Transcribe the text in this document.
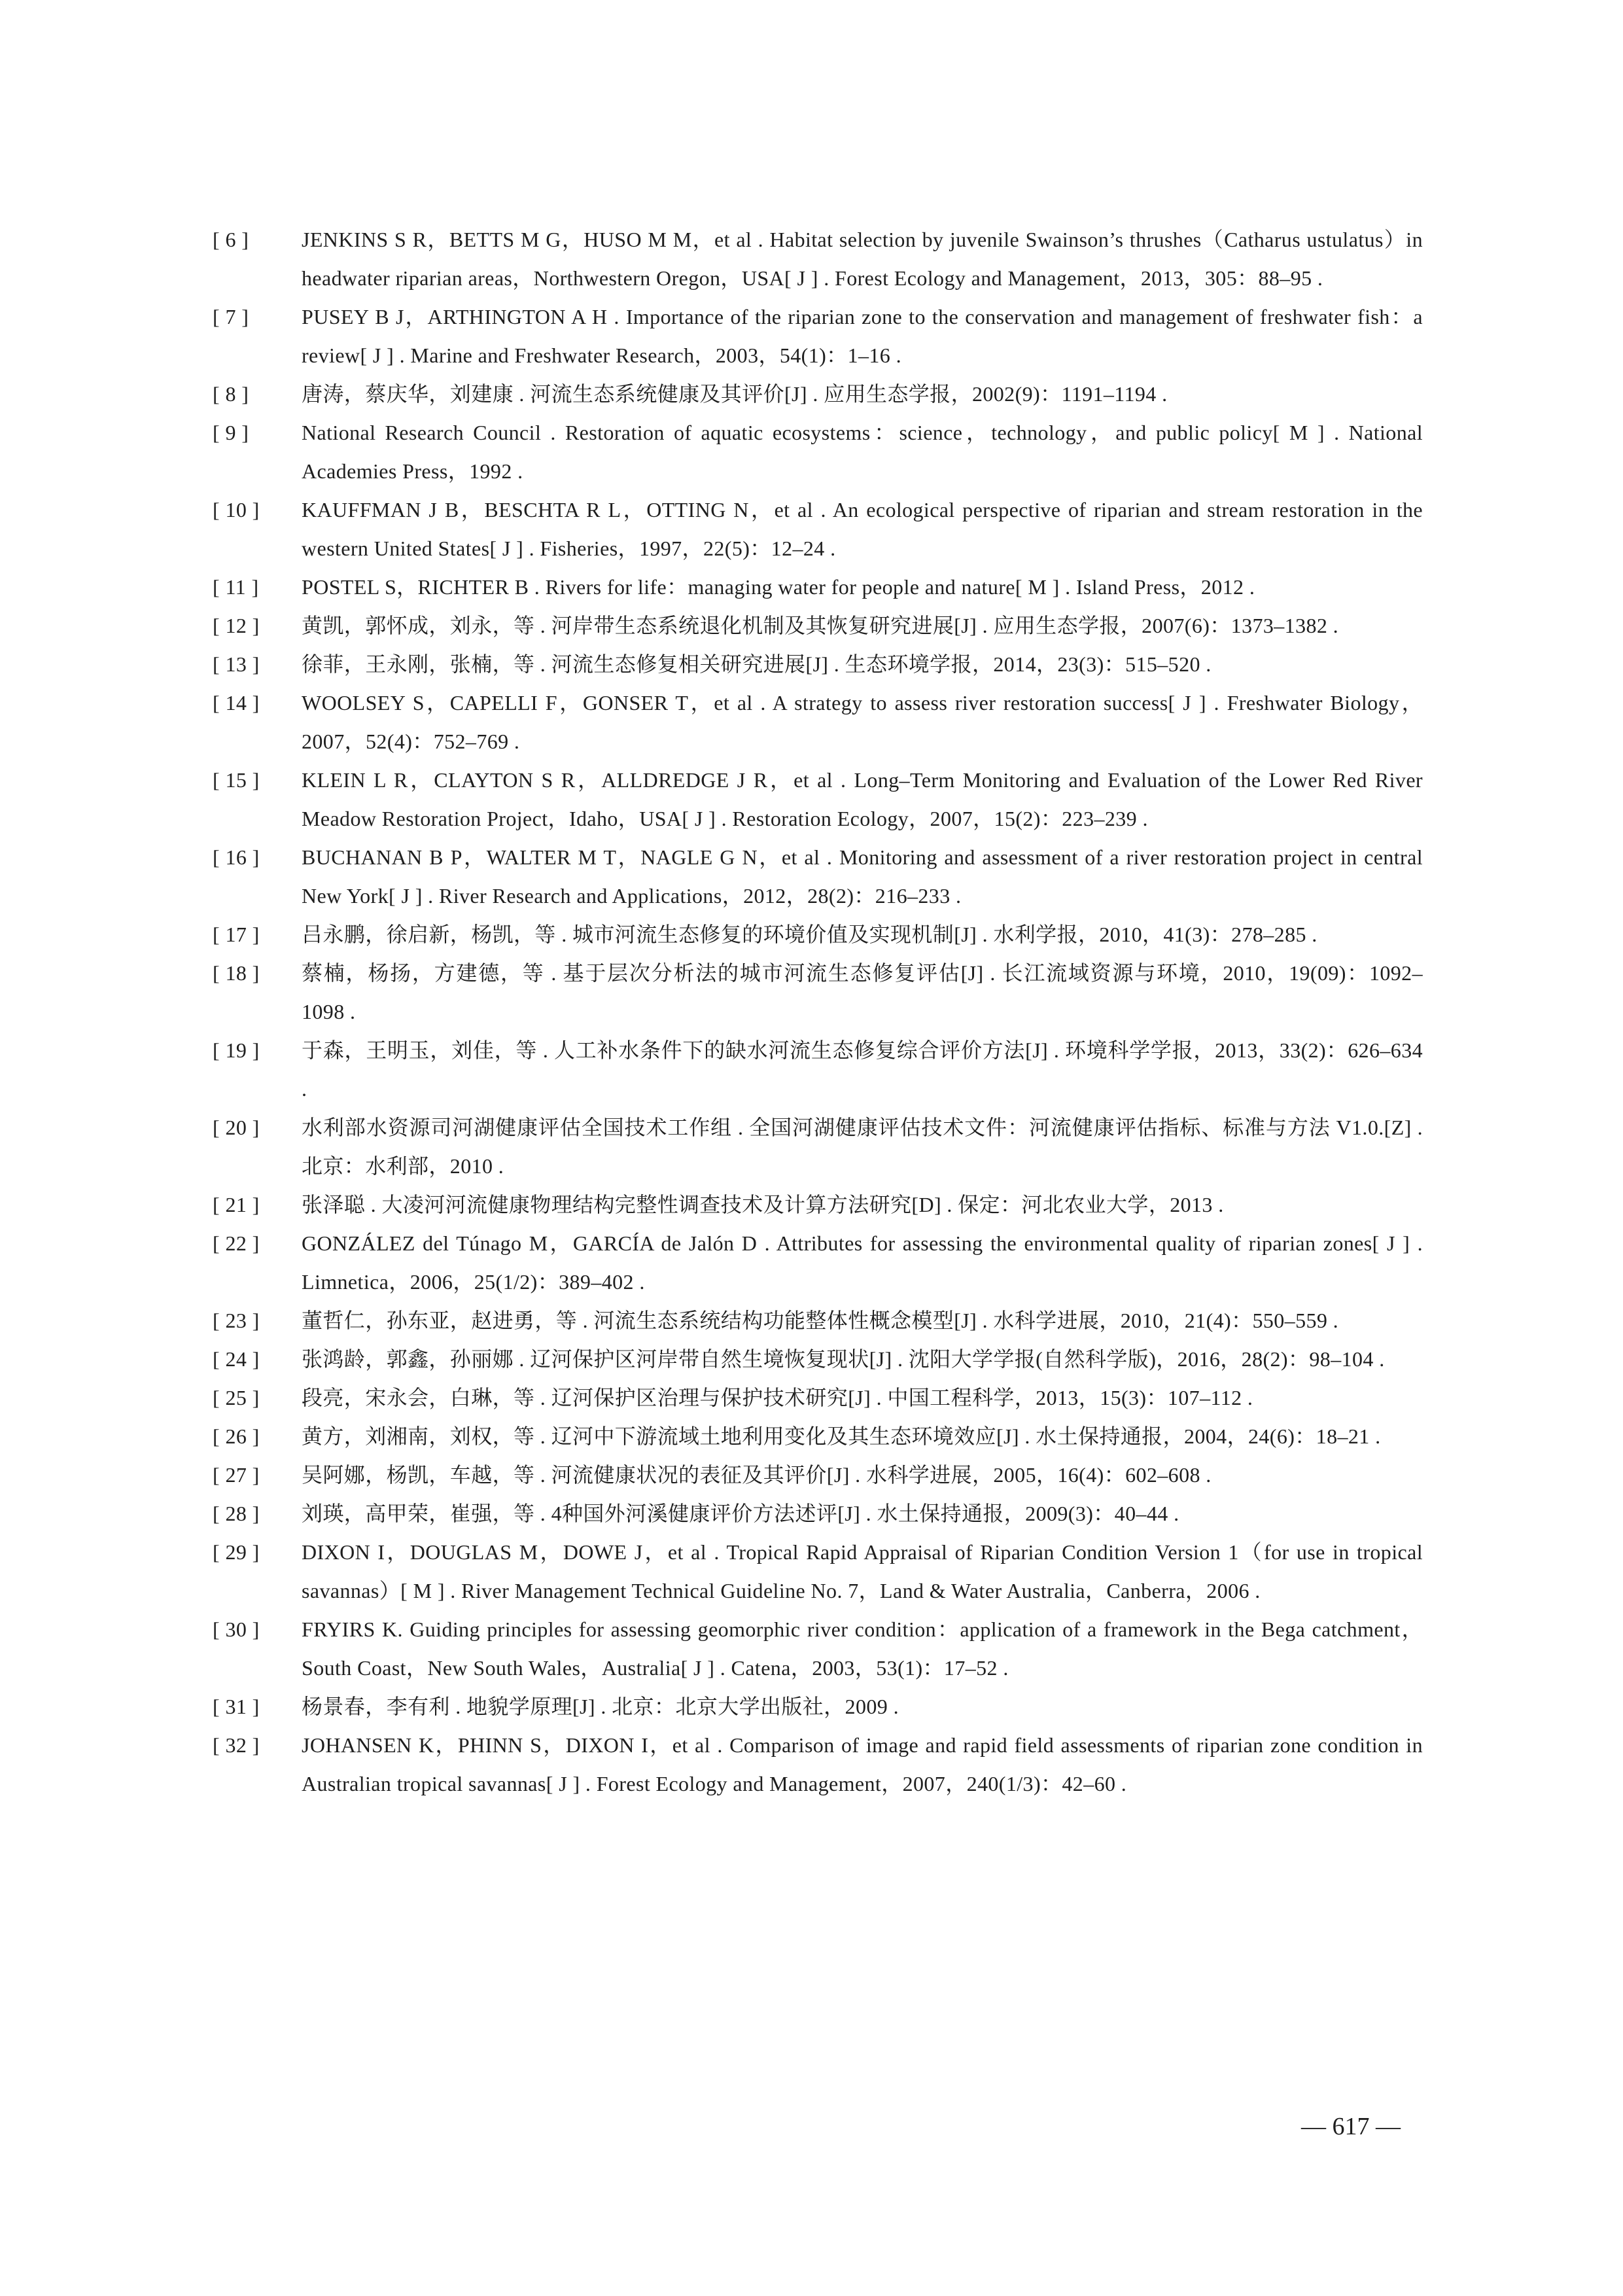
[ 6 ]	JENKINS S R，BETTS M G，HUSO M M，et al . Habitat selection by juvenile Swainson’s thrushes（Catharus ustulatus）in headwater riparian areas，Northwestern Oregon，USA[ J ] . Forest Ecology and Management，2013，305：88–95 .
[ 7 ]	PUSEY B J，ARTHINGTON A H . Importance of the riparian zone to the conservation and management of freshwater fish：a review[ J ] . Marine and Freshwater Research，2003，54(1)：1–16 .
[ 8 ]	唐涛，蔡庆华，刘建康 . 河流生态系统健康及其评价[J] . 应用生态学报，2002(9)：1191–1194 .
[ 9 ]	National Research Council . Restoration of aquatic ecosystems：science，technology，and public policy[ M ] . National Academies Press，1992 .
[ 10 ]	KAUFFMAN J B，BESCHTA R L，OTTING N，et al . An ecological perspective of riparian and stream restoration in the western United States[ J ] . Fisheries，1997，22(5)：12–24 .
[ 11 ]	POSTEL S，RICHTER B . Rivers for life：managing water for people and nature[ M ] . Island Press，2012 .
[ 12 ]	黄凯，郭怀成，刘永，等 . 河岸带生态系统退化机制及其恢复研究进展[J] . 应用生态学报，2007(6)：1373–1382 .
[ 13 ]	徐菲，王永刚，张楠，等 . 河流生态修复相关研究进展[J] . 生态环境学报，2014，23(3)：515–520 .
[ 14 ]	WOOLSEY S，CAPELLI F，GONSER T，et al . A strategy to assess river restoration success[ J ] . Freshwater Biology，2007，52(4)：752–769 .
[ 15 ]	KLEIN L R，CLAYTON S R，ALLDREDGE J R，et al . Long–Term Monitoring and Evaluation of the Lower Red River Meadow Restoration Project，Idaho，USA[ J ] . Restoration Ecology，2007，15(2)：223–239 .
[ 16 ]	BUCHANAN B P，WALTER M T，NAGLE G N，et al . Monitoring and assessment of a river restoration project in central New York[ J ] . River Research and Applications，2012，28(2)：216–233 .
[ 17 ]	吕永鹏，徐启新，杨凯，等 . 城市河流生态修复的环境价值及实现机制[J] . 水利学报，2010，41(3)：278–285 .
[ 18 ]	蔡楠，杨扬，方建德，等 . 基于层次分析法的城市河流生态修复评估[J] . 长江流域资源与环境，2010，19(09)：1092–1098 .
[ 19 ]	于森，王明玉，刘佳，等 . 人工补水条件下的缺水河流生态修复综合评价方法[J] . 环境科学学报，2013，33(2)：626–634 .
[ 20 ]	水利部水资源司河湖健康评估全国技术工作组 . 全国河湖健康评估技术文件：河流健康评估指标、标准与方法 V1.0.[Z] . 北京：水利部，2010 .
[ 21 ]	张泽聪 . 大凌河河流健康物理结构完整性调查技术及计算方法研究[D] . 保定：河北农业大学，2013 .
[ 22 ]	GONZÁLEZ del Túnago M，GARCÍA de Jalón D . Attributes for assessing the environmental quality of riparian zones[ J ] . Limnetica，2006，25(1/2)：389–402 .
[ 23 ]	董哲仁，孙东亚，赵进勇，等 . 河流生态系统结构功能整体性概念模型[J] . 水科学进展，2010，21(4)：550–559 .
[ 24 ]	张鸿龄，郭鑫，孙丽娜 . 辽河保护区河岸带自然生境恢复现状[J] . 沈阳大学学报(自然科学版)，2016，28(2)：98–104 .
[ 25 ]	段亮，宋永会，白琳，等 . 辽河保护区治理与保护技术研究[J] . 中国工程科学，2013，15(3)：107–112 .
[ 26 ]	黄方，刘湘南，刘权，等 . 辽河中下游流域土地利用变化及其生态环境效应[J] . 水土保持通报，2004，24(6)：18–21 .
[ 27 ]	吴阿娜，杨凯，车越，等 . 河流健康状况的表征及其评价[J] . 水科学进展，2005，16(4)：602–608 .
[ 28 ]	刘瑛，高甲荣，崔强，等 . 4种国外河溪健康评价方法述评[J] . 水土保持通报，2009(3)：40–44 .
[ 29 ]	DIXON I，DOUGLAS M，DOWE J，et al . Tropical Rapid Appraisal of Riparian Condition Version 1（for use in tropical savannas）[ M ] . River Management Technical Guideline No. 7，Land & Water Australia，Canberra，2006 .
[ 30 ]	FRYIRS K. Guiding principles for assessing geomorphic river condition：application of a framework in the Bega catchment，South Coast，New South Wales，Australia[ J ] . Catena，2003，53(1)：17–52 .
[ 31 ]	杨景春，李有利 . 地貌学原理[J] . 北京：北京大学出版社，2009 .
[ 32 ]	JOHANSEN K，PHINN S，DIXON I，et al . Comparison of image and rapid field assessments of riparian zone condition in Australian tropical savannas[ J ] . Forest Ecology and Management，2007，240(1/3)：42–60 .
— 617 —
